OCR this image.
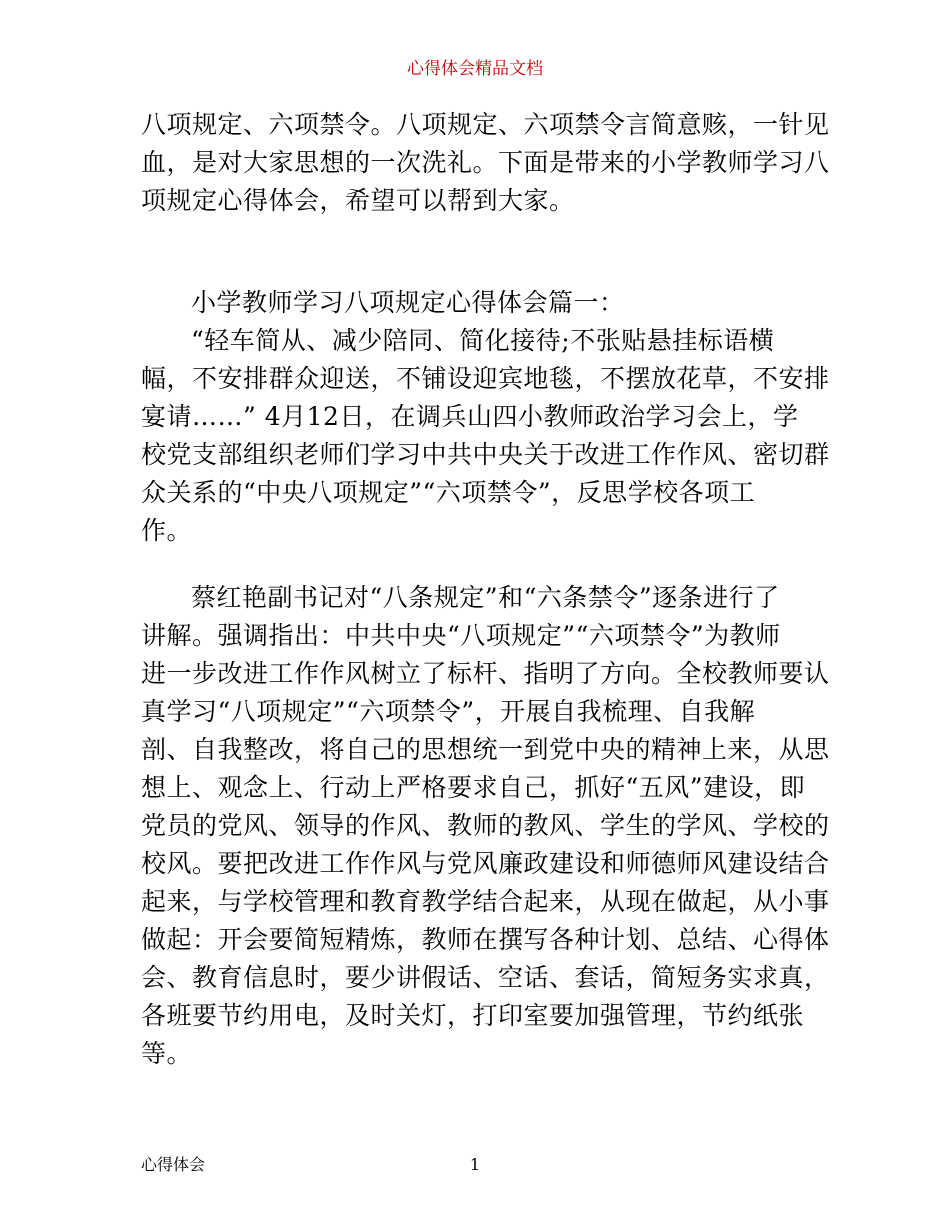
心得体会精品文档
八项规定、六项禁令。八项规定、六项禁令言简意赅，一针见
血，是对大家思想的一次洗礼。下面是带来的小学教师学习八
项规定心得体会，希望可以帮到大家。
小学教师学习八项规定心得体会篇一：
“轻车简从、减少陪同、简化接待;不张贴悬挂标语横
幅，不安排群众迎送，不铺设迎宾地毯，不摆放花草，不安排
宴请……” 4月12日，在调兵山四小教师政治学习会上，学
校党支部组织老师们学习中共中央关于改进工作作风、密切群
众关系的“中央八项规定”“六项禁令”，反思学校各项工
作。
蔡红艳副书记对“八条规定”和“六条禁令”逐条进行了
讲解。强调指出：中共中央“八项规定”“六项禁令”为教师
进一步改进工作作风树立了标杆、指明了方向。全校教师要认
真学习“八项规定”“六项禁令”，开展自我梳理、自我解
剖、自我整改，将自己的思想统一到党中央的精神上来，从思
想上、观念上、行动上严格要求自己，抓好“五风”建设，即
党员的党风、领导的作风、教师的教风、学生的学风、学校的
校风。要把改进工作作风与党风廉政建设和师德师风建设结合
起来，与学校管理和教育教学结合起来，从现在做起，从小事
做起：开会要简短精炼，教师在撰写各种计划、总结、心得体
会、教育信息时，要少讲假话、空话、套话，简短务实求真，
各班要节约用电，及时关灯，打印室要加强管理，节约纸张
等。
心得体会	1
